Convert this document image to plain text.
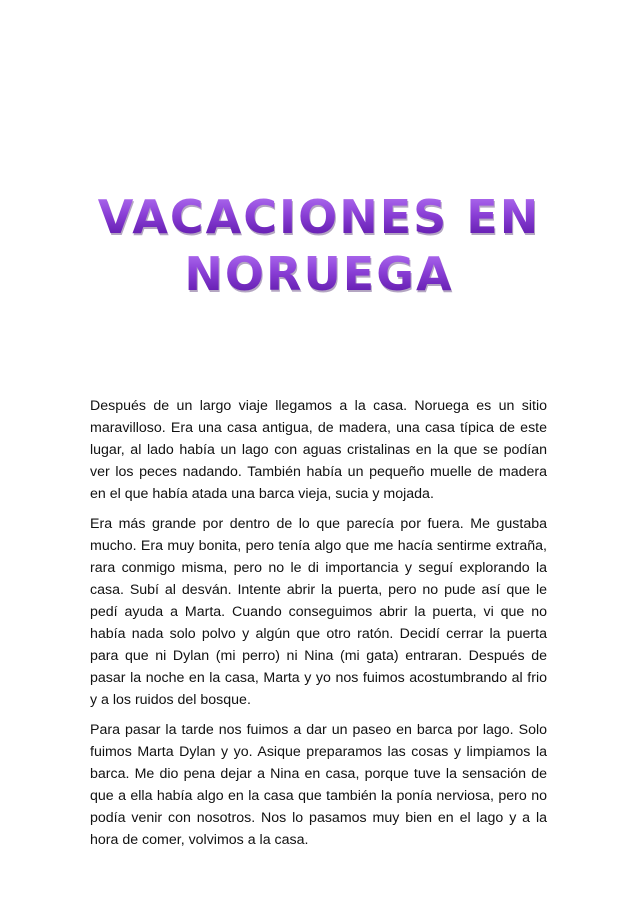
VACACIONES EN
NORUEGA

Después de un largo viaje llegamos a la casa. Noruega es un sitio maravilloso. Era una casa antigua, de madera, una casa típica de este lugar, al lado había un lago con aguas cristalinas en la que se podían ver los peces nadando. También había un pequeño muelle de madera en el que había atada una barca vieja, sucia y mojada.

Era más grande por dentro de lo que parecía por fuera. Me gustaba mucho. Era muy bonita, pero tenía algo que me hacía sentirme extraña, rara conmigo misma, pero no le di importancia y seguí explorando la casa. Subí al desván. Intente abrir la puerta, pero no pude así que le pedí ayuda a Marta. Cuando conseguimos abrir la puerta, vi que no había nada solo polvo y algún que otro ratón. Decidí cerrar la puerta para que ni Dylan (mi perro) ni Nina (mi gata) entraran. Después de pasar la noche en la casa, Marta y yo nos fuimos acostumbrando al frio y a los ruidos del bosque.

Para pasar la tarde nos fuimos a dar un paseo en barca por lago. Solo fuimos Marta Dylan y yo. Asique preparamos las cosas y limpiamos la barca. Me dio pena dejar a Nina en casa, porque tuve la sensación de que a ella había algo en la casa que también la ponía nerviosa, pero no podía venir con nosotros. Nos lo pasamos muy bien en el lago y a la hora de comer, volvimos a la casa.
